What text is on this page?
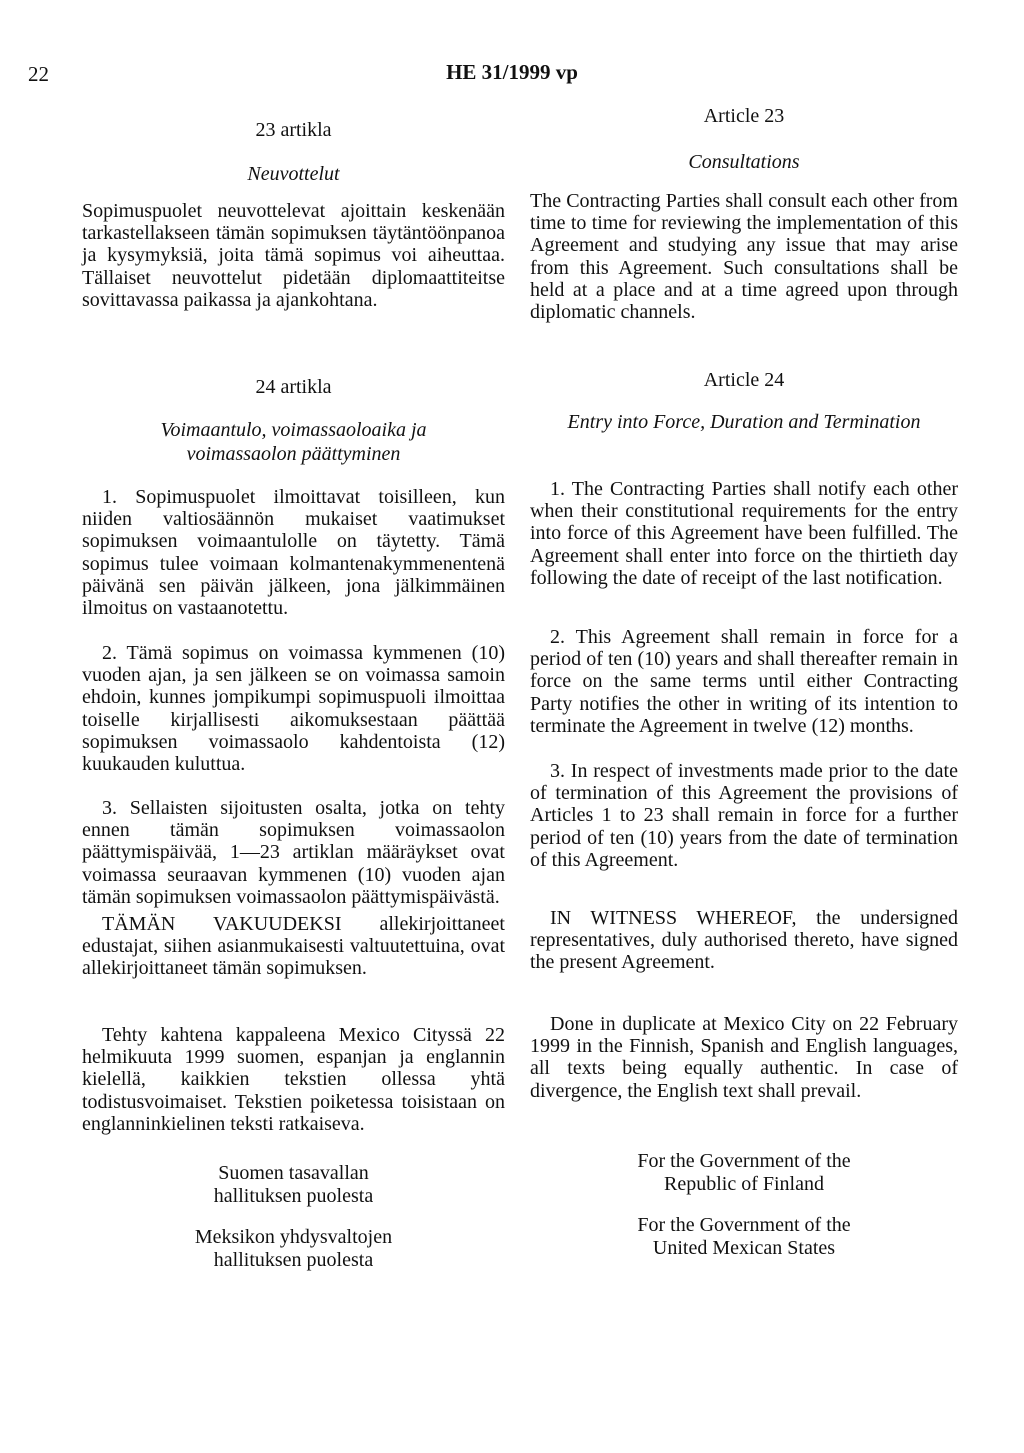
22	HE 31/1999 vp
23 artikla
Neuvottelut

Sopimuspuolet neuvottelevat ajoittain keskenään tarkastellakseen tämän sopimuksen täytäntöönpanoa ja kysymyksiä, joita tämä sopimus voi aiheuttaa. Tällaiset neuvottelut pidetään diplomaattiteitse sovittavassa paikassa ja ajankohtana.

24 artikla
Voimaantulo, voimassaoloaika ja voimassaolon päättyminen

1. Sopimuspuolet ilmoittavat toisilleen, kun niiden valtiosäännön mukaiset vaatimukset sopimuksen voimaantulolle on täytetty. Tämä sopimus tulee voimaan kolmantenakymmenentenä päivänä sen päivän jälkeen, jona jälkimmäinen ilmoitus on vastaanotettu.

2. Tämä sopimus on voimassa kymmenen (10) vuoden ajan, ja sen jälkeen se on voimassa samoin ehdoin, kunnes jompikumpi sopimuspuoli ilmoittaa toiselle kirjallisesti aikomuksestaan päättää sopimuksen voimassaolo kahdentoista (12) kuukauden kuluttua.

3. Sellaisten sijoitusten osalta, jotka on tehty ennen tämän sopimuksen voimassaolon päättymispäivää, 1—23 artiklan määräykset ovat voimassa seuraavan kymmenen (10) vuoden ajan tämän sopimuksen voimassaolon päättymispäivästä.

TÄMÄN VAKUUDEKSI allekirjoittaneet edustajat, siihen asianmukaisesti valtuutettuina, ovat allekirjoittaneet tämän sopimuksen.

Tehty kahtena kappaleena Mexico Cityssä 22 helmikuuta 1999 suomen, espanjan ja englannin kielellä, kaikkien tekstien ollessa yhtä todistusvoimaiset. Tekstien poiketessa toisistaan on englanninkielinen teksti ratkaiseva.

Suomen tasavallan
hallituksen puolesta
Meksikon yhdysvaltojen
hallituksen puolesta
Article 23
Consultations

The Contracting Parties shall consult each other from time to time for reviewing the implementation of this Agreement and studying any issue that may arise from this Agreement. Such consultations shall be held at a place and at a time agreed upon through diplomatic channels.

Article 24
Entry into Force, Duration and Termination

1. The Contracting Parties shall notify each other when their constitutional requirements for the entry into force of this Agreement have been fulfilled. The Agreement shall enter into force on the thirtieth day following the date of receipt of the last notification.

2. This Agreement shall remain in force for a period of ten (10) years and shall thereafter remain in force on the same terms until either Contracting Party notifies the other in writing of its intention to terminate the Agreement in twelve (12) months.

3. In respect of investments made prior to the date of termination of this Agreement the provisions of Articles 1 to 23 shall remain in force for a further period of ten (10) years from the date of termination of this Agreement.

IN WITNESS WHEREOF, the undersigned representatives, duly authorised thereto, have signed the present Agreement.

Done in duplicate at Mexico City on 22 February 1999 in the Finnish, Spanish and English languages, all texts being equally authentic. In case of divergence, the English text shall prevail.

For the Government of the
Republic of Finland
For the Government of the
United Mexican States
